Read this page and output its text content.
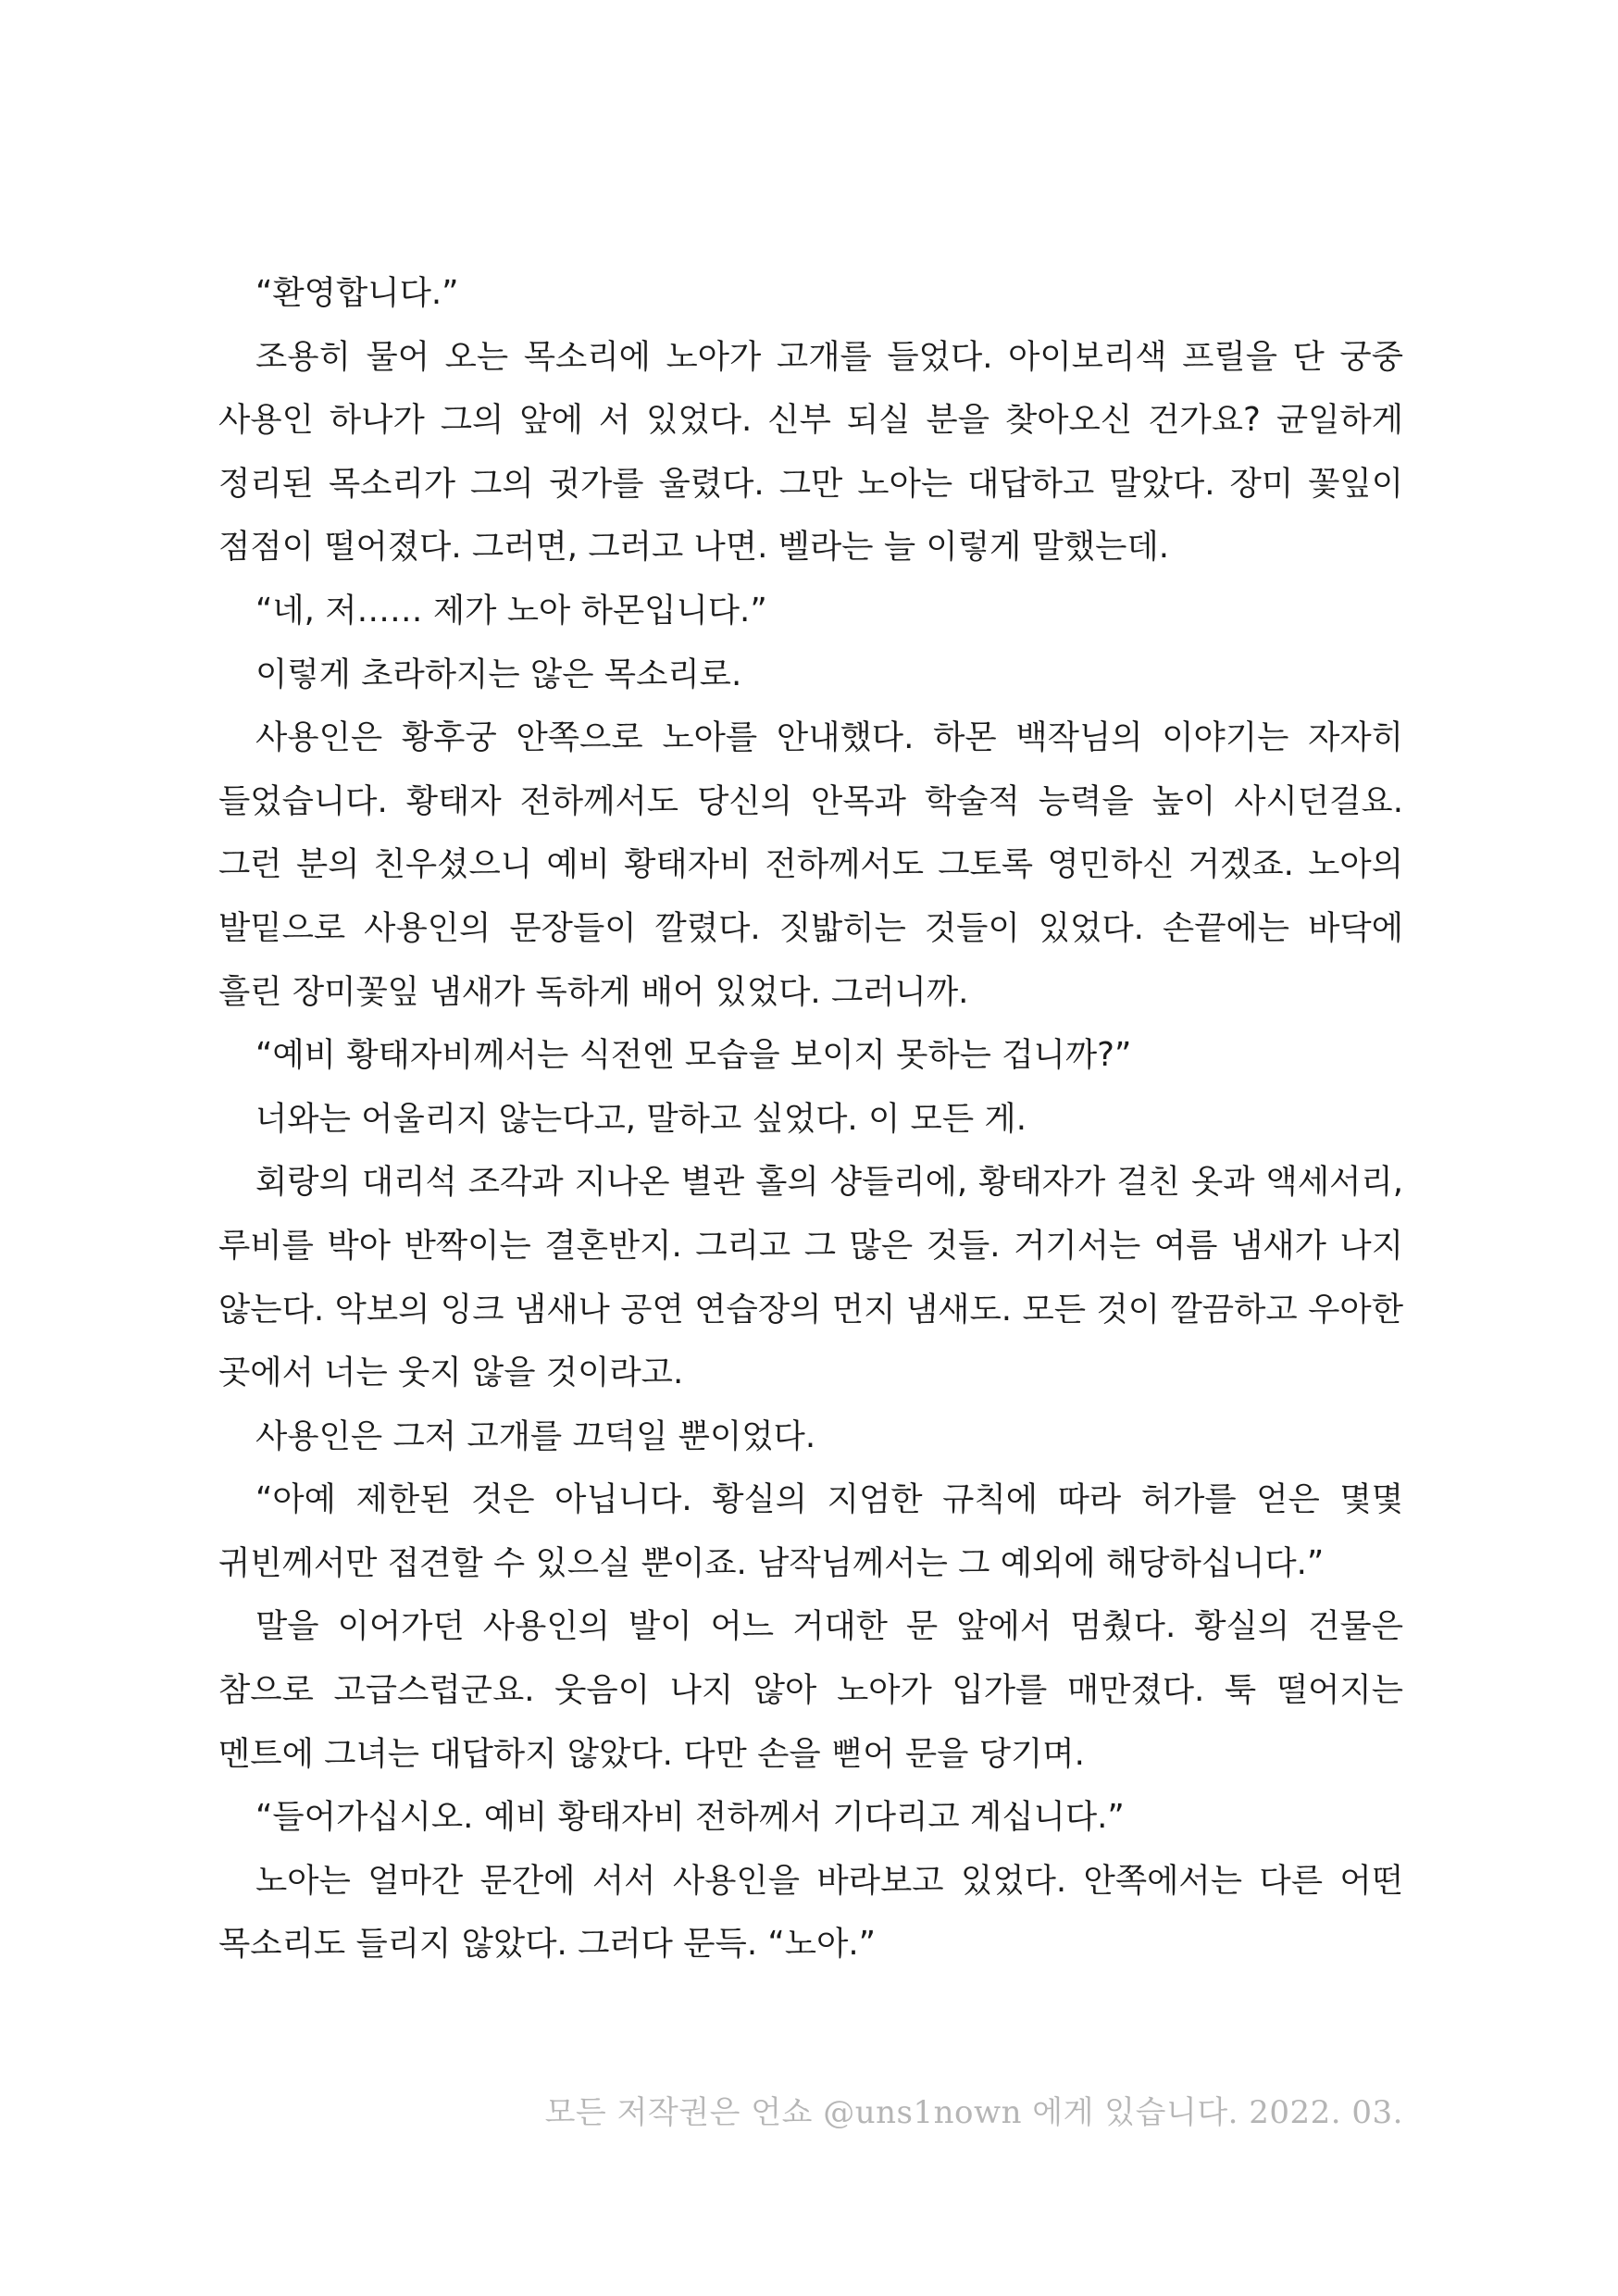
“환영합니다.”

조용히 물어 오는 목소리에 노아가 고개를 들었다. 아이보리색 프릴을 단 궁중 사용인 하나가 그의 앞에 서 있었다. 신부 되실 분을 찾아오신 건가요? 균일하게 정리된 목소리가 그의 귓가를 울렸다. 그만 노아는 대답하고 말았다. 장미 꽃잎이 점점이 떨어졌다. 그러면, 그러고 나면. 벨라는 늘 이렇게 말했는데.

“네, 저…… 제가 노아 하몬입니다.”

이렇게 초라하지는 않은 목소리로.

사용인은 황후궁 안쪽으로 노아를 안내했다. 하몬 백작님의 이야기는 자자히 들었습니다. 황태자 전하께서도 당신의 안목과 학술적 능력을 높이 사시던걸요. 그런 분의 친우셨으니 예비 황태자비 전하께서도 그토록 영민하신 거겠죠. 노아의 발밑으로 사용인의 문장들이 깔렸다. 짓밟히는 것들이 있었다. 손끝에는 바닥에 흘린 장미꽃잎 냄새가 독하게 배어 있었다. 그러니까.

“예비 황태자비께서는 식전엔 모습을 보이지 못하는 겁니까?”

너와는 어울리지 않는다고, 말하고 싶었다. 이 모든 게.

회랑의 대리석 조각과 지나온 별관 홀의 샹들리에, 황태자가 걸친 옷과 액세서리, 루비를 박아 반짝이는 결혼반지. 그리고 그 많은 것들. 거기서는 여름 냄새가 나지 않는다. 악보의 잉크 냄새나 공연 연습장의 먼지 냄새도. 모든 것이 깔끔하고 우아한 곳에서 너는 웃지 않을 것이라고.

사용인은 그저 고개를 끄덕일 뿐이었다.

“아예 제한된 것은 아닙니다. 황실의 지엄한 규칙에 따라 허가를 얻은 몇몇 귀빈께서만 접견할 수 있으실 뿐이죠. 남작님께서는 그 예외에 해당하십니다.”

말을 이어가던 사용인의 발이 어느 거대한 문 앞에서 멈췄다. 황실의 건물은 참으로 고급스럽군요. 웃음이 나지 않아 노아가 입가를 매만졌다. 툭 떨어지는 멘트에 그녀는 대답하지 않았다. 다만 손을 뻗어 문을 당기며.

“들어가십시오. 예비 황태자비 전하께서 기다리고 계십니다.”

노아는 얼마간 문간에 서서 사용인을 바라보고 있었다. 안쪽에서는 다른 어떤 목소리도 들리지 않았다. 그러다 문득. “노아.”

모든 저작권은 언쇼 @uns1nown 에게 있습니다. 2022. 03.
